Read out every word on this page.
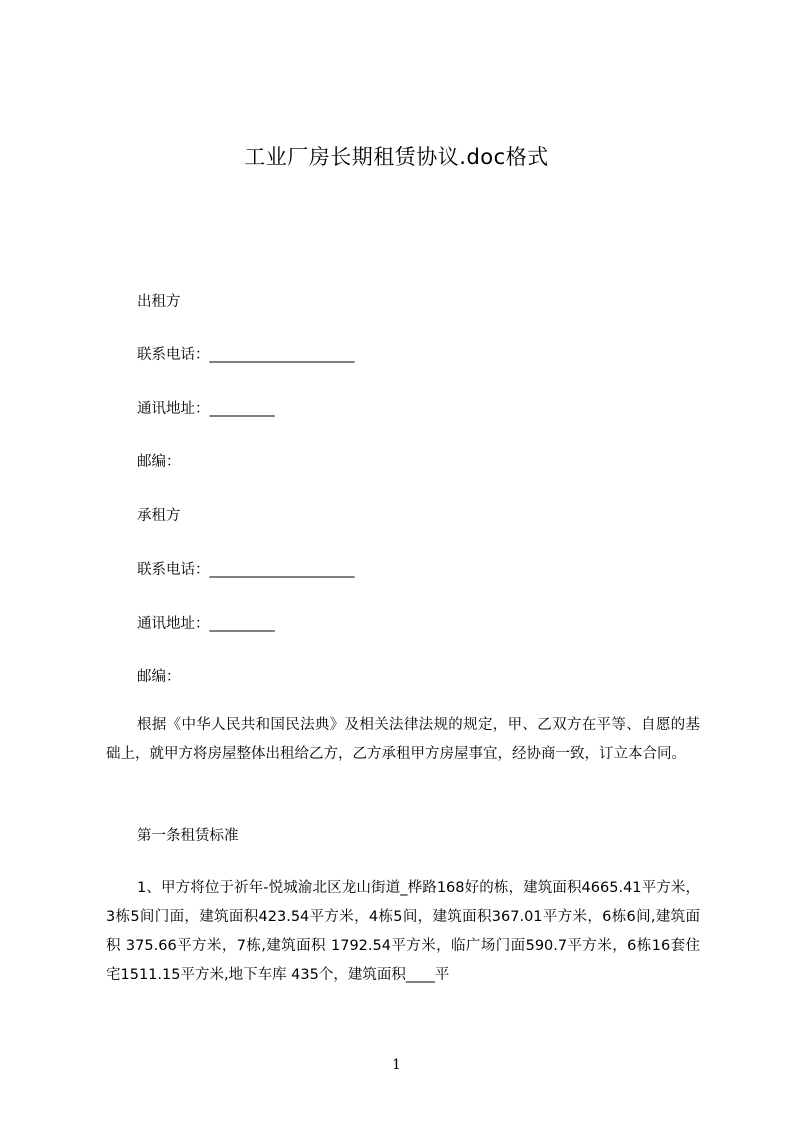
工业厂房长期租赁协议.doc格式
出租方
联系电话：____________________
通讯地址：_________
邮编：
承租方
联系电话：____________________
通讯地址：_________
邮编：
根据《中华人民共和国民法典》及相关法律法规的规定，甲、乙双方在平等、自愿的基础上，就甲方将房屋整体出租给乙方，乙方承租甲方房屋事宜，经协商一致，订立本合同。
第一条租赁标准
1、甲方将位于祈年-悦城渝北区龙山街道_桦路168好的栋，建筑面积4665.41平方米，3栋5间门面，建筑面积423.54平方米，4栋5间，建筑面积367.01平方米，6栋6间,建筑面积 375.66平方米，7栋,建筑面积 1792.54平方米，临广场门面590.7平方米，6栋16套住宅1511.15平方米,地下车库 435个，建筑面积____平
1
